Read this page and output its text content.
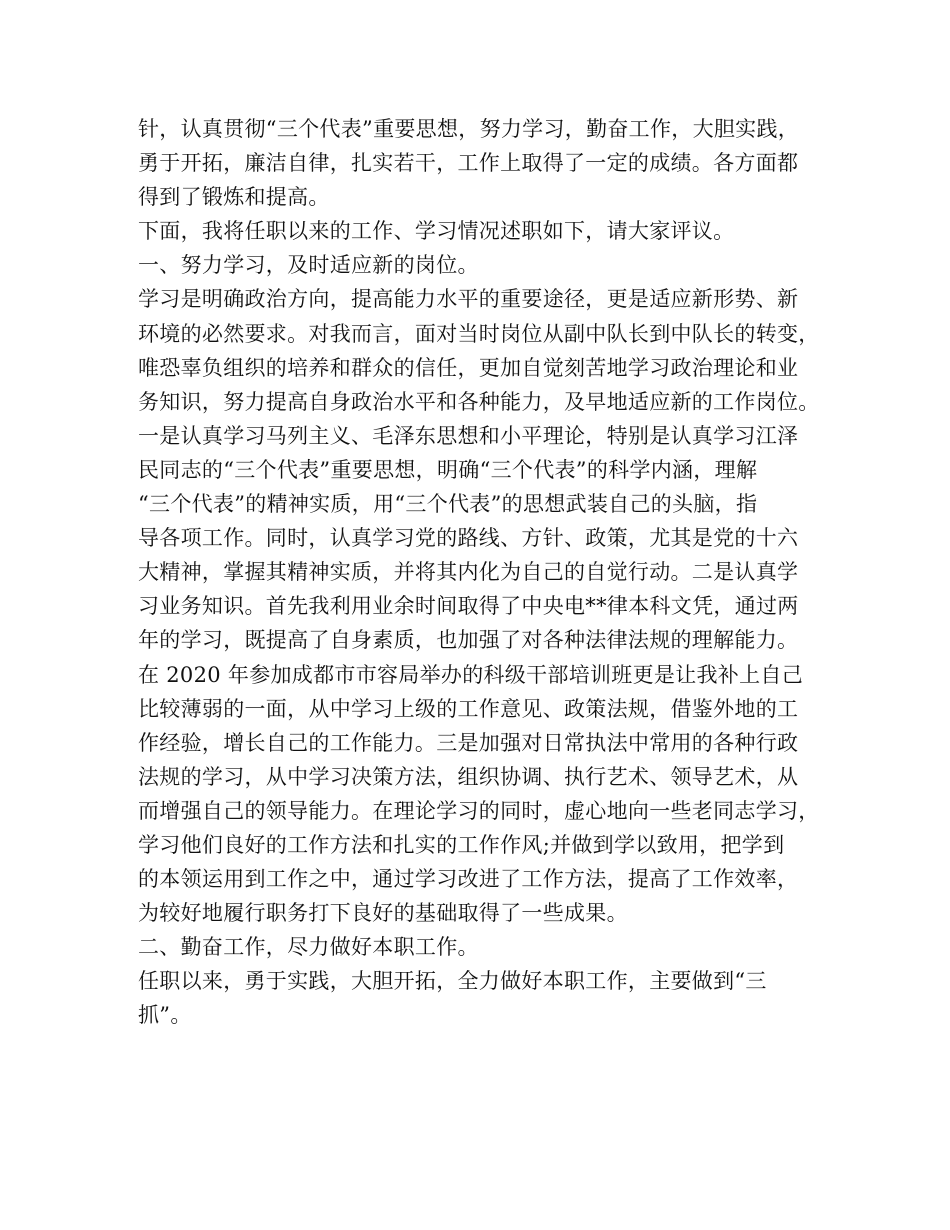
针，认真贯彻“三个代表”重要思想，努力学习，勤奋工作，大胆实践，
勇于开拓，廉洁自律，扎实若干，工作上取得了一定的成绩。各方面都
得到了锻炼和提高。
下面，我将任职以来的工作、学习情况述职如下，请大家评议。
一、努力学习，及时适应新的岗位。
学习是明确政治方向，提高能力水平的重要途径，更是适应新形势、新
环境的必然要求。对我而言，面对当时岗位从副中队长到中队长的转变，
唯恐辜负组织的培养和群众的信任，更加自觉刻苦地学习政治理论和业
务知识，努力提高自身政治水平和各种能力，及早地适应新的工作岗位。
一是认真学习马列主义、毛泽东思想和小平理论，特别是认真学习江泽
民同志的“三个代表”重要思想，明确“三个代表”的科学内涵，理解
“三个代表”的精神实质，用“三个代表”的思想武装自己的头脑，指
导各项工作。同时，认真学习党的路线、方针、政策，尤其是党的十六
大精神，掌握其精神实质，并将其内化为自己的自觉行动。二是认真学
习业务知识。首先我利用业余时间取得了中央电**律本科文凭，通过两
年的学习，既提高了自身素质，也加强了对各种法律法规的理解能力。
在 2020 年参加成都市市容局举办的科级干部培训班更是让我补上自己
比较薄弱的一面，从中学习上级的工作意见、政策法规，借鉴外地的工
作经验，增长自己的工作能力。三是加强对日常执法中常用的各种行政
法规的学习，从中学习决策方法，组织协调、执行艺术、领导艺术，从
而增强自己的领导能力。在理论学习的同时，虚心地向一些老同志学习，
学习他们良好的工作方法和扎实的工作作风;并做到学以致用，把学到
的本领运用到工作之中，通过学习改进了工作方法，提高了工作效率，
为较好地履行职务打下良好的基础取得了一些成果。
二、勤奋工作，尽力做好本职工作。
任职以来，勇于实践，大胆开拓，全力做好本职工作，主要做到“三
抓”。
